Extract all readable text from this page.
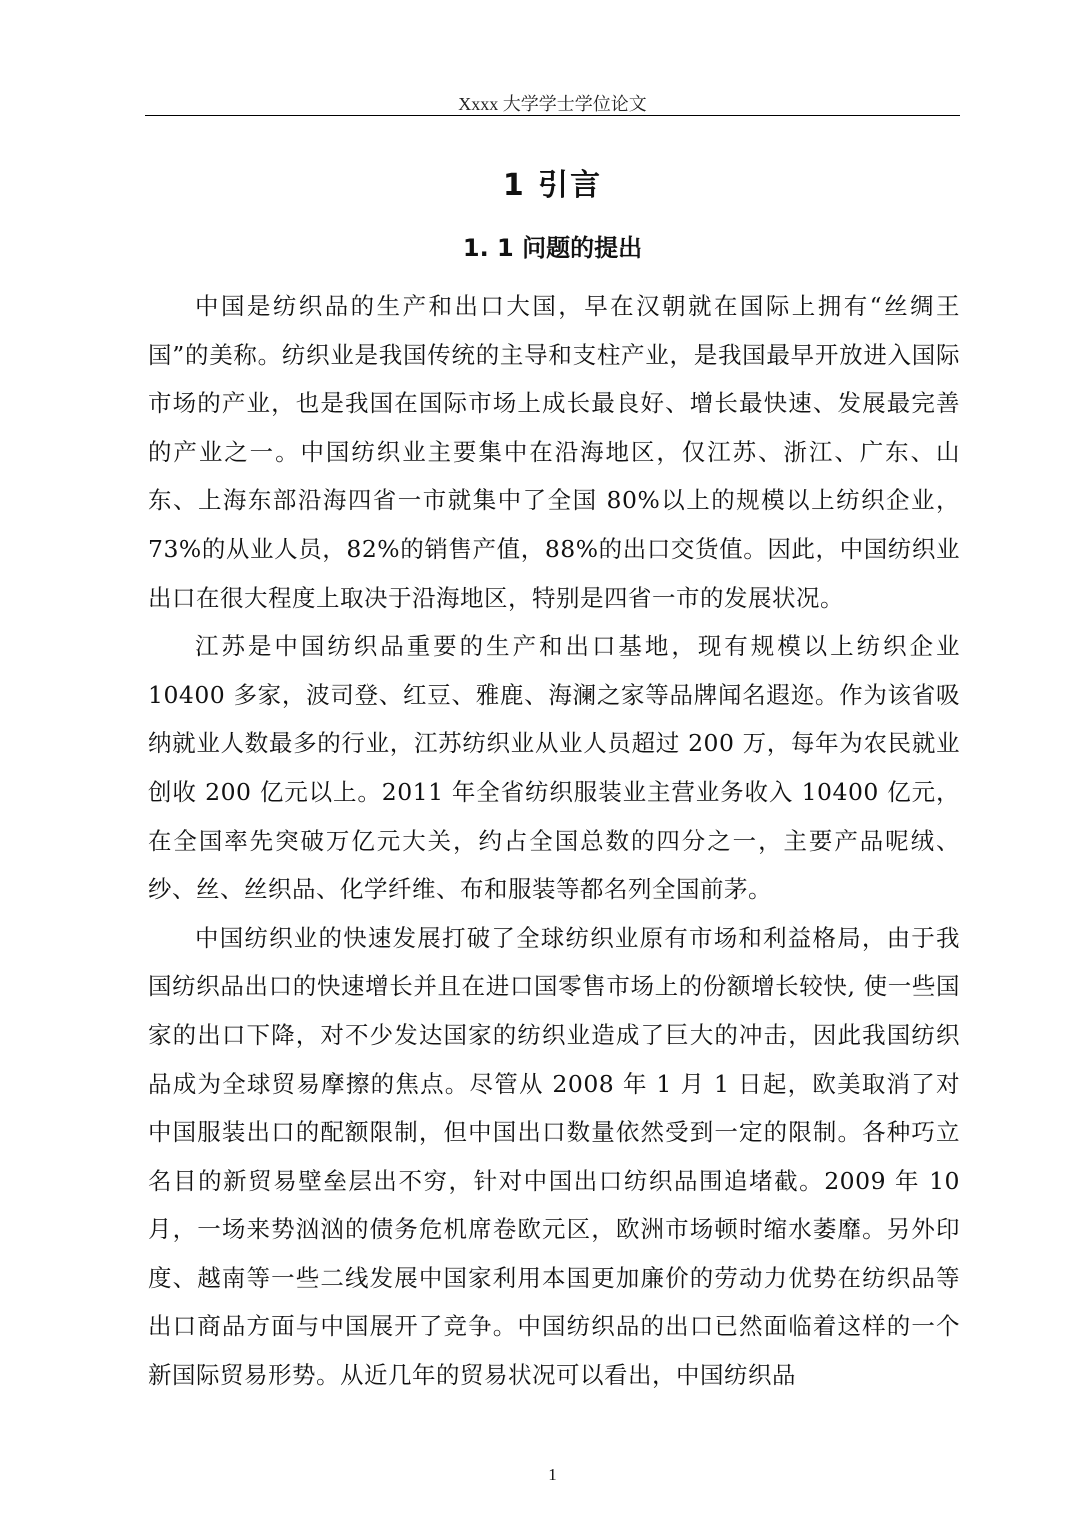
Xxxx 大学学士学位论文
1 引言
1. 1 问题的提出

中国是纺织品的生产和出口大国，早在汉朝就在国际上拥有“丝绸王国”的美称。纺织业是我国传统的主导和支柱产业，是我国最早开放进入国际市场的产业，也是我国在国际市场上成长最良好、增长最快速、发展最完善的产业之一。中国纺织业主要集中在沿海地区，仅江苏、浙江、广东、山东、上海东部沿海四省一市就集中了全国 80%以上的规模以上纺织企业，73%的从业人员，82%的销售产值，88%的出口交货值。因此，中国纺织业出口在很大程度上取决于沿海地区，特别是四省一市的发展状况。

江苏是中国纺织品重要的生产和出口基地，现有规模以上纺织企业 10400 多家，波司登、红豆、雅鹿、海澜之家等品牌闻名遐迩。作为该省吸纳就业人数最多的行业，江苏纺织业从业人员超过 200 万，每年为农民就业创收 200 亿元以上。2011 年全省纺织服装业主营业务收入 10400 亿元，在全国率先突破万亿元大关，约占全国总数的四分之一，主要产品呢绒、纱、丝、丝织品、化学纤维、布和服装等都名列全国前茅。

中国纺织业的快速发展打破了全球纺织业原有市场和利益格局，由于我国纺织品出口的快速增长并且在进口国零售市场上的份额增长较快, 使一些国家的出口下降，对不少发达国家的纺织业造成了巨大的冲击，因此我国纺织品成为全球贸易摩擦的焦点。尽管从 2008 年 1 月 1 日起，欧美取消了对中国服装出口的配额限制，但中国出口数量依然受到一定的限制。各种巧立名目的新贸易壁垒层出不穷，针对中国出口纺织品围追堵截。2009 年 10 月，一场来势汹汹的债务危机席卷欧元区，欧洲市场顿时缩水萎靡。另外印度、越南等一些二线发展中国家利用本国更加廉价的劳动力优势在纺织品等出口商品方面与中国展开了竞争。中国纺织品的出口已然面临着这样的一个新国际贸易形势。从近几年的贸易状况可以看出，中国纺织品

1
